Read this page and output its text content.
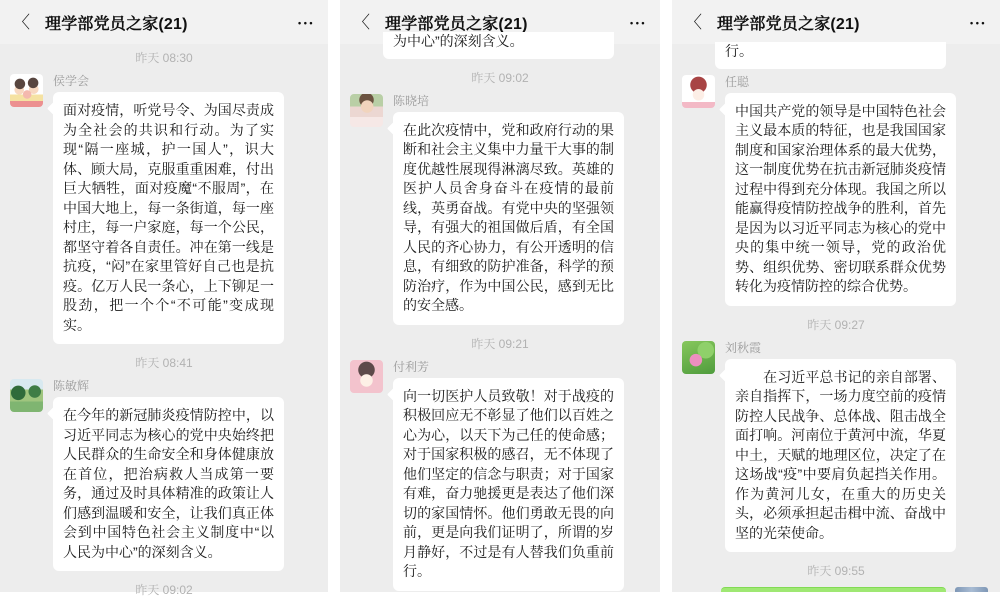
〈 理学部党员之家(21)	•••
昨天 08:30
侯学会
面对疫情，听党号令、为国尽责成为全社会的共识和行动。为了实现“隔一座城，护一国人”，识大体、顾大局，克服重重困难，付出巨大牺牲，面对疫魔“不服周”，在中国大地上，每一条街道，每一座村庄，每一户家庭，每一个公民，都坚守着各自责任。冲在第一线是抗疫，“闷”在家里管好自己也是抗疫。亿万人民一条心，上下铆足一股劲，把一个个“不可能”变成现实。
昨天 08:41
陈敏辉
在今年的新冠肺炎疫情防控中，以习近平同志为核心的党中央始终把人民群众的生命安全和身体健康放在首位，把治病救人当成第一要务，通过及时具体精准的政策让人们感到温暖和安全，让我们真正体会到中国特色社会主义制度中“以人民为中心”的深刻含义。
昨天 09:02
〈 理学部党员之家(21)	•••
为中心”的深刻含义。
昨天 09:02
陈晓培
在此次疫情中，党和政府行动的果断和社会主义集中力量干大事的制度优越性展现得淋漓尽致。英雄的医护人员舍身奋斗在疫情的最前线，英勇奋战。有党中央的坚强领导，有强大的祖国做后盾，有全国人民的齐心协力，有公开透明的信息，有细致的防护准备，科学的预防治疗，作为中国公民，感到无比的安全感。
昨天 09:21
付利芳
向一切医护人员致敬！对于战疫的积极回应无不彰显了他们以百姓之心为心，以天下为己任的使命感；对于国家积极的感召，无不体现了他们坚定的信念与职责；对于国家有难，奋力驰援更是表达了他们深切的家国情怀。他们勇敢无畏的向前，更是向我们证明了，所谓的岁月静好，不过是有人替我们负重前行。
〈 理学部党员之家(21)	•••
行。
任聪
中国共产党的领导是中国特色社会主义最本质的特征，也是我国国家制度和国家治理体系的最大优势，这一制度优势在抗击新冠肺炎疫情过程中得到充分体现。我国之所以能赢得疫情防控战争的胜利，首先是因为以习近平同志为核心的党中央的集中统一领导，党的政治优势、组织优势、密切联系群众优势转化为疫情防控的综合优势。
昨天 09:27
刘秋霞
　　在习近平总书记的亲自部署、亲自指挥下，一场力度空前的疫情防控人民战争、总体战、阻击战全面打响。河南位于黄河中流，华夏中土，天赋的地理区位，决定了在这场战“疫”中要肩负起挡关作用。作为黄河儿女，在重大的历史关头，必须承担起击楫中流、奋战中坚的光荣使命。
昨天 09:55
